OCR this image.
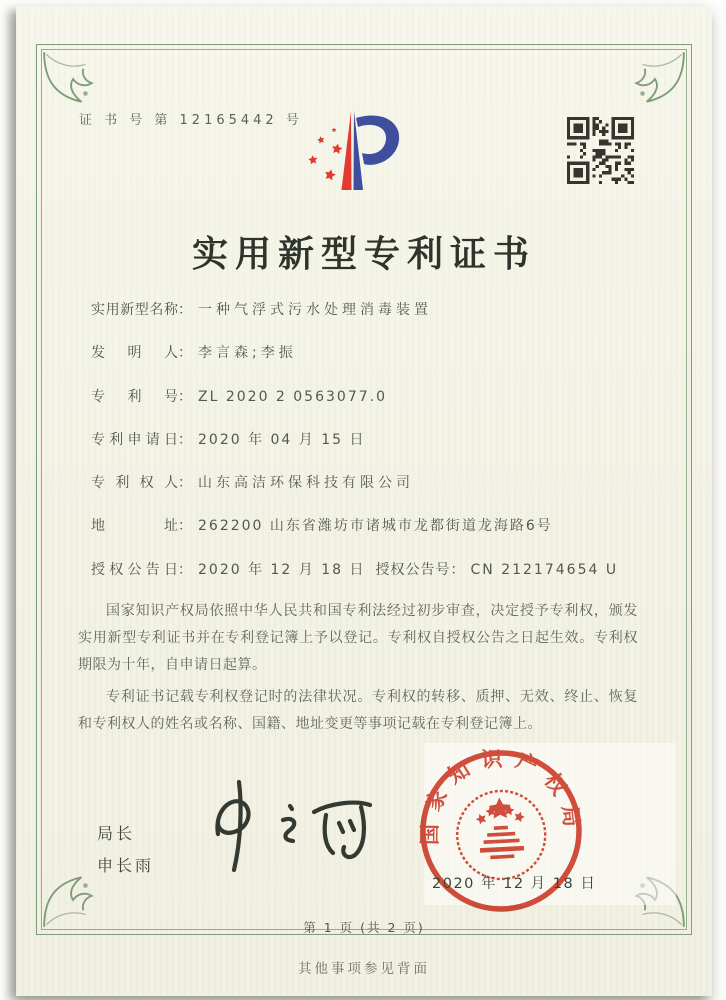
证 书 号 第 12165442 号
实用新型专利证书
实用新型名称： 一种气浮式污水处理消毒装置
发明人： 李言森;李振
专利号： ZL 2020 2 0563077.0
专利申请日： 2020 年 04 月 15 日
专利权人： 山东高洁环保科技有限公司
地址： 262200 山东省潍坊市诸城市龙都街道龙海路6号
授权公告日： 2020 年 12 月 18 日 授权公告号： CN 212174654 U

国家知识产权局依照中华人民共和国专利法经过初步审查，决定授予专利权，颁发实用新型专利证书并在专利登记簿上予以登记。专利权自授权公告之日起生效。专利权期限为十年，自申请日起算。

专利证书记载专利权登记时的法律状况。专利权的转移、质押、无效、终止、恢复和专利权人的姓名或名称、国籍、地址变更等事项记载在专利登记簿上。

局长
申长雨
国家知识产权局
2020 年 12 月 18 日
第 1 页 (共 2 页)
其他事项参见背面
